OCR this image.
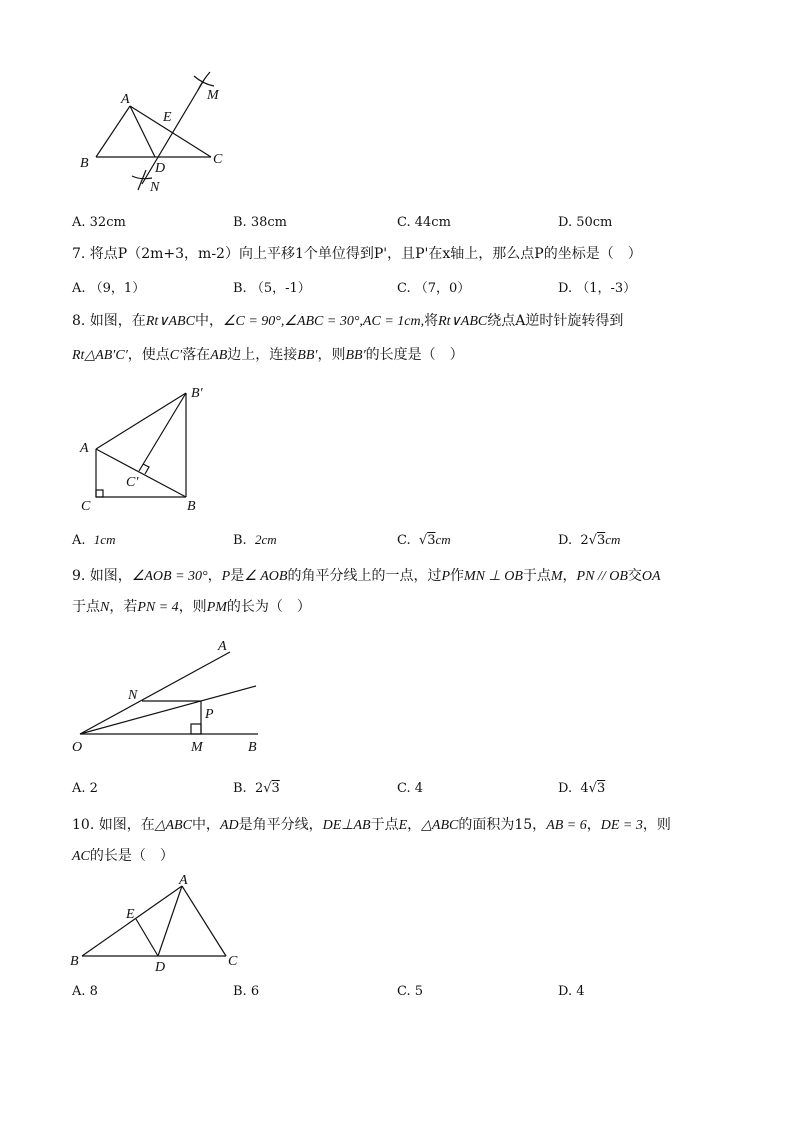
A
B	C
D
E
M
N
A. 32cm	B. 38cm	C. 44cm	D. 50cm
7. 将点P（2m+3，m-2）向上平移1个单位得到P'，且P'在x轴上，那么点P的坐标是（　）
A. （9，1）	B. （5，-1）	C. （7，0）	D. （1，-3）
8. 如图，在Rt∨ABC中，∠C = 90°,∠ABC = 30°,AC = 1cm,将Rt∨ABC绕点A逆时针旋转得到
Rt△AB′C′，使点C′落在AB边上，连接BB′，则BB′的长度是（　）
A
C	B
B′
C′
A. 1cm	B. 2cm	C. √3cm	D. 2√3cm
9. 如图，∠AOB = 30°，P是∠ AOB的角平分线上的一点，过P作MN ⊥ OB于点M，PN // OB交OA
于点N，若PN = 4，则PM的长为（　）
A
N
P
O	M	B
A. 2	B. 2√3	C. 4	D. 4√3
10. 如图，在△ABC中，AD是角平分线，DE⊥AB于点E，△ABC的面积为15，AB = 6，DE = 3，则
AC的长是（　）
A
E
B	D	C
A. 8	B. 6	C. 5	D. 4
